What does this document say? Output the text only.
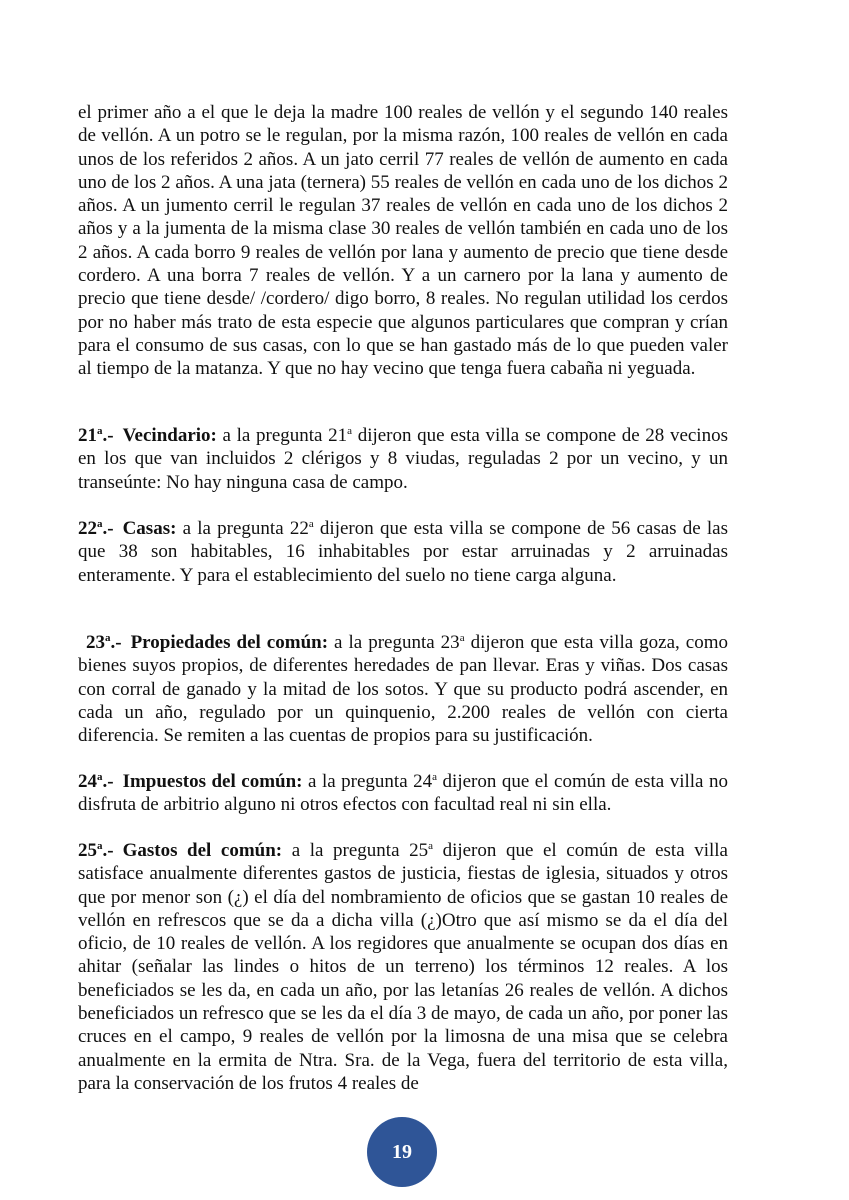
el primer año a el que le deja la madre 100 reales de vellón y el segundo 140 reales de vellón. A un potro se le regulan, por la misma razón, 100 reales de vellón en cada unos de los referidos 2 años. A un jato cerril 77 reales de vellón de aumento en cada uno de los 2 años. A una jata (ternera) 55 reales de vellón en cada uno de los dichos 2 años. A un jumento cerril le regulan 37 reales de vellón en cada uno de los dichos 2 años y a la jumenta de la misma clase 30 reales de vellón también en cada uno de los 2 años. A cada borro 9 reales de vellón por lana y aumento de precio que tiene desde cordero. A una borra 7 reales de vellón. Y a un carnero por la lana y aumento de precio que tiene desde/ /cordero/ digo borro, 8 reales. No regulan utilidad los cerdos por no haber más trato de esta especie que algunos particulares que compran y crían para el consumo de sus casas, con lo que se han gastado más de lo que pueden valer al tiempo de la matanza. Y que no hay vecino que tenga fuera cabaña ni yeguada.

21$^a$.- Vecindario: a la pregunta 21$^a$ dijeron que esta villa se compone de 28 vecinos en los que van incluidos 2 clérigos y 8 viudas, reguladas 2 por un vecino, y un transeúnte: No hay ninguna casa de campo.

22$^a$.- Casas: a la pregunta 22$^a$ dijeron que esta villa se compone de 56 casas de las que 38 son habitables, 16 inhabitables por estar arruinadas y 2 arruinadas enteramente. Y para el establecimiento del suelo no tiene carga alguna.

23$^a$.- Propiedades del común: a la pregunta 23$^a$ dijeron que esta villa goza, como bienes suyos propios, de diferentes heredades de pan llevar. Eras y viñas. Dos casas con corral de ganado y la mitad de los sotos. Y que su producto podrá ascender, en cada un año, regulado por un quinquenio, 2.200 reales de vellón con cierta diferencia. Se remiten a las cuentas de propios para su justificación.

24$^a$.- Impuestos del común: a la pregunta 24$^a$ dijeron que el común de esta villa no disfruta de arbitrio alguno ni otros efectos con facultad real ni sin ella.

25$^a$.- Gastos del común: a la pregunta 25$^a$ dijeron que el común de esta villa satisface anualmente diferentes gastos de justicia, fiestas de iglesia, situados y otros que por menor son (¿) el día del nombramiento de oficios que se gastan 10 reales de vellón en refrescos que se da a dicha villa (¿)Otro que así mismo se da el día del oficio, de 10 reales de vellón. A los regidores que anualmente se ocupan dos días en ahitar (señalar las lindes o hitos de un terreno) los términos 12 reales. A los beneficiados se les da, en cada un año, por las letanías 26 reales de vellón. A dichos beneficiados un refresco que se les da el día 3 de mayo, de cada un año, por poner las cruces en el campo, 9 reales de vellón por la limosna de una misa que se celebra anualmente en la ermita de Ntra. Sra. de la Vega, fuera del territorio de esta villa, para la conservación de los frutos 4 reales de

19
